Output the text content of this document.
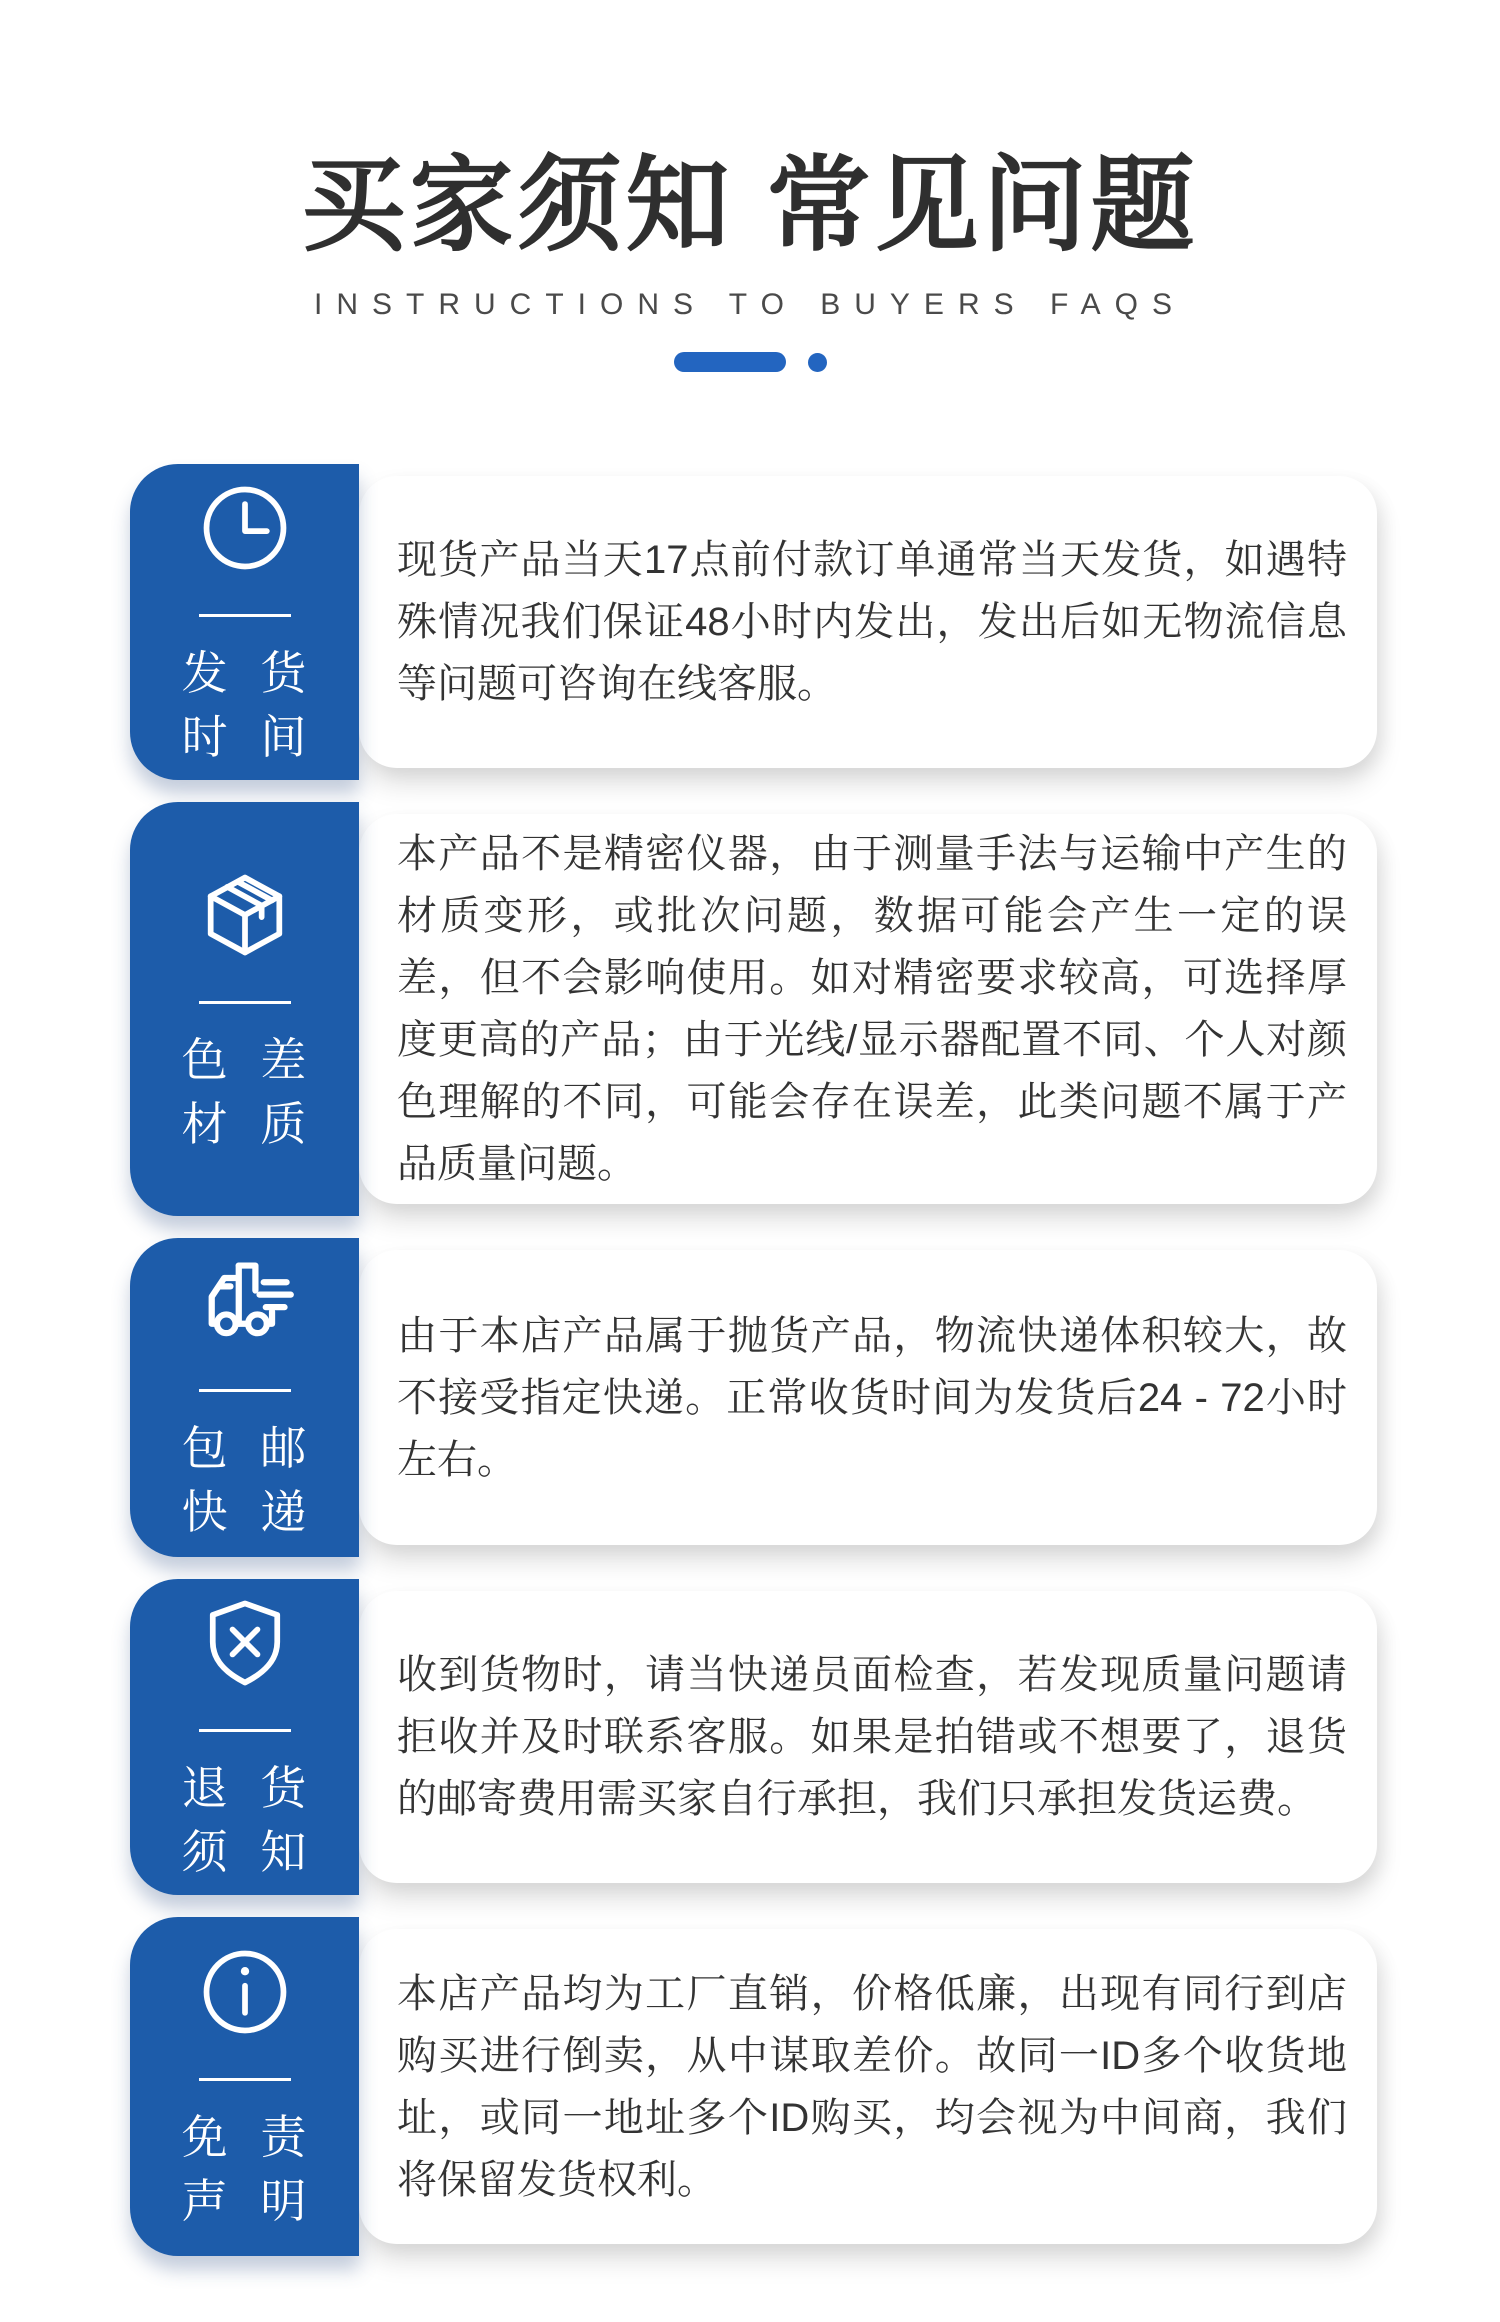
买家须知 常见问题
INSTRUCTIONS TO BUYERS FAQS
发 货
时 间

现货产品当天17点前付款订单通常当天发货，如遇特殊情况我们保证48小时内发出，发出后如无物流信息等问题可咨询在线客服。

色 差
材 质

本产品不是精密仪器，由于测量手法与运输中产生的材质变形，或批次问题，数据可能会产生一定的误差，但不会影响使用。如对精密要求较高，可选择厚度更高的产品；由于光线/显示器配置不同、个人对颜色理解的不同，可能会存在误差，此类问题不属于产品质量问题。

包 邮
快 递

由于本店产品属于抛货产品，物流快递体积较大，故不接受指定快递。正常收货时间为发货后24 - 72小时左右。

退 货
须 知

收到货物时，请当快递员面检查，若发现质量问题请拒收并及时联系客服。如果是拍错或不想要了，退货的邮寄费用需买家自行承担，我们只承担发货运费。

免 责
声 明

本店产品均为工厂直销，价格低廉，出现有同行到店购买进行倒卖，从中谋取差价。故同一ID多个收货地址，或同一地址多个ID购买，均会视为中间商，我们将保留发货权利。
